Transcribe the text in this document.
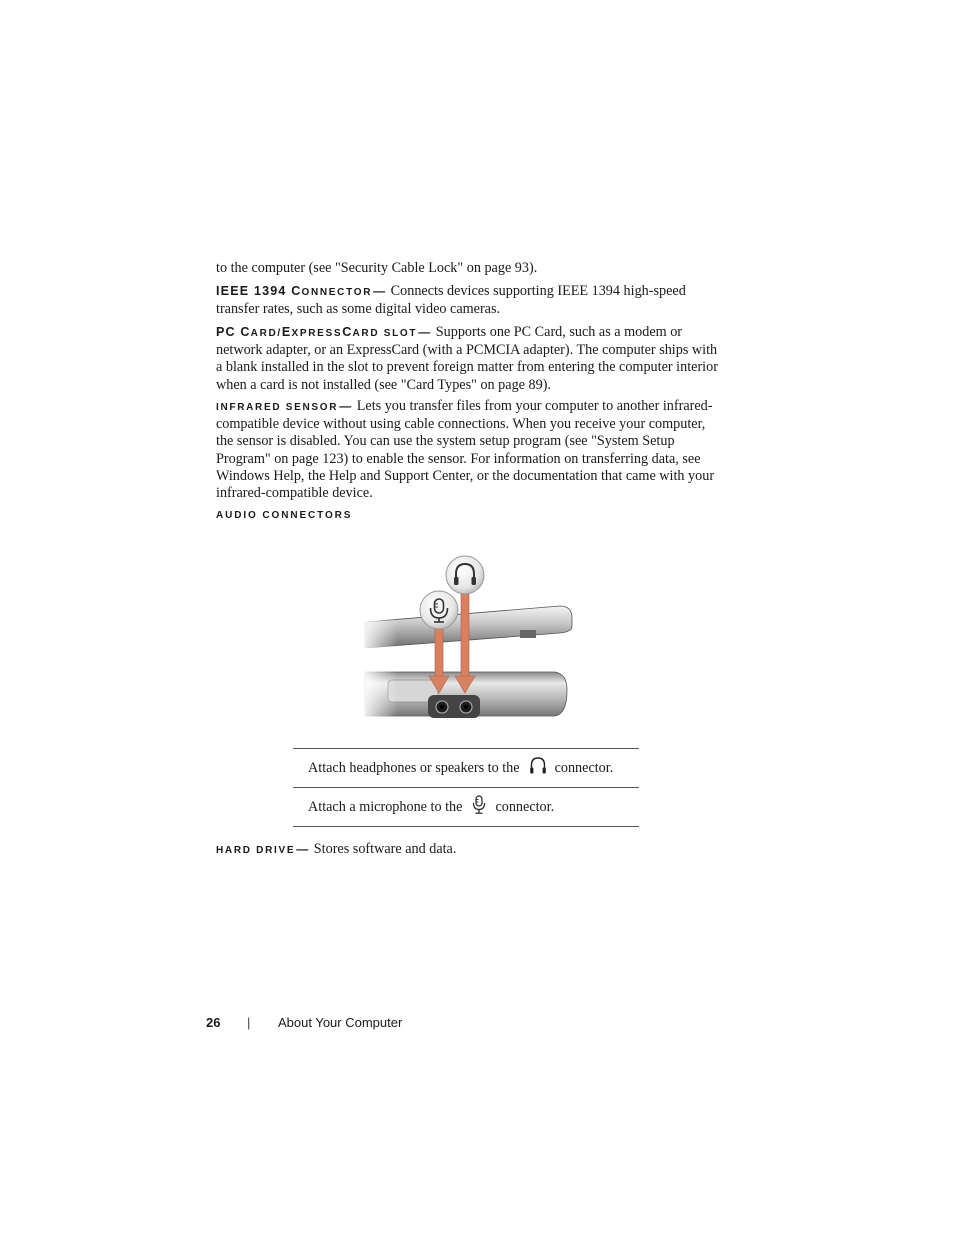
to the computer (see "Security Cable Lock" on page 93).
IEEE 1394 CONNECTOR— Connects devices supporting IEEE 1394 high-speed transfer rates, such as some digital video cameras.
PC CARD/EXPRESSCARD SLOT— Supports one PC Card, such as a modem or network adapter, or an ExpressCard (with a PCMCIA adapter). The computer ships with a blank installed in the slot to prevent foreign matter from entering the computer interior when a card is not installed (see "Card Types" on page 89).
INFRARED SENSOR— Lets you transfer files from your computer to another infrared-compatible device without using cable connections. When you receive your computer, the sensor is disabled. You can use the system setup program (see "System Setup Program" on page 123) to enable the sensor. For information on transferring data, see Windows Help, the Help and Support Center, or the documentation that came with your infrared-compatible device.
AUDIO CONNECTORS
Attach headphones or speakers to the connector.
Attach a microphone to the connector.
HARD DRIVE— Stores software and data.
26 | About Your Computer
